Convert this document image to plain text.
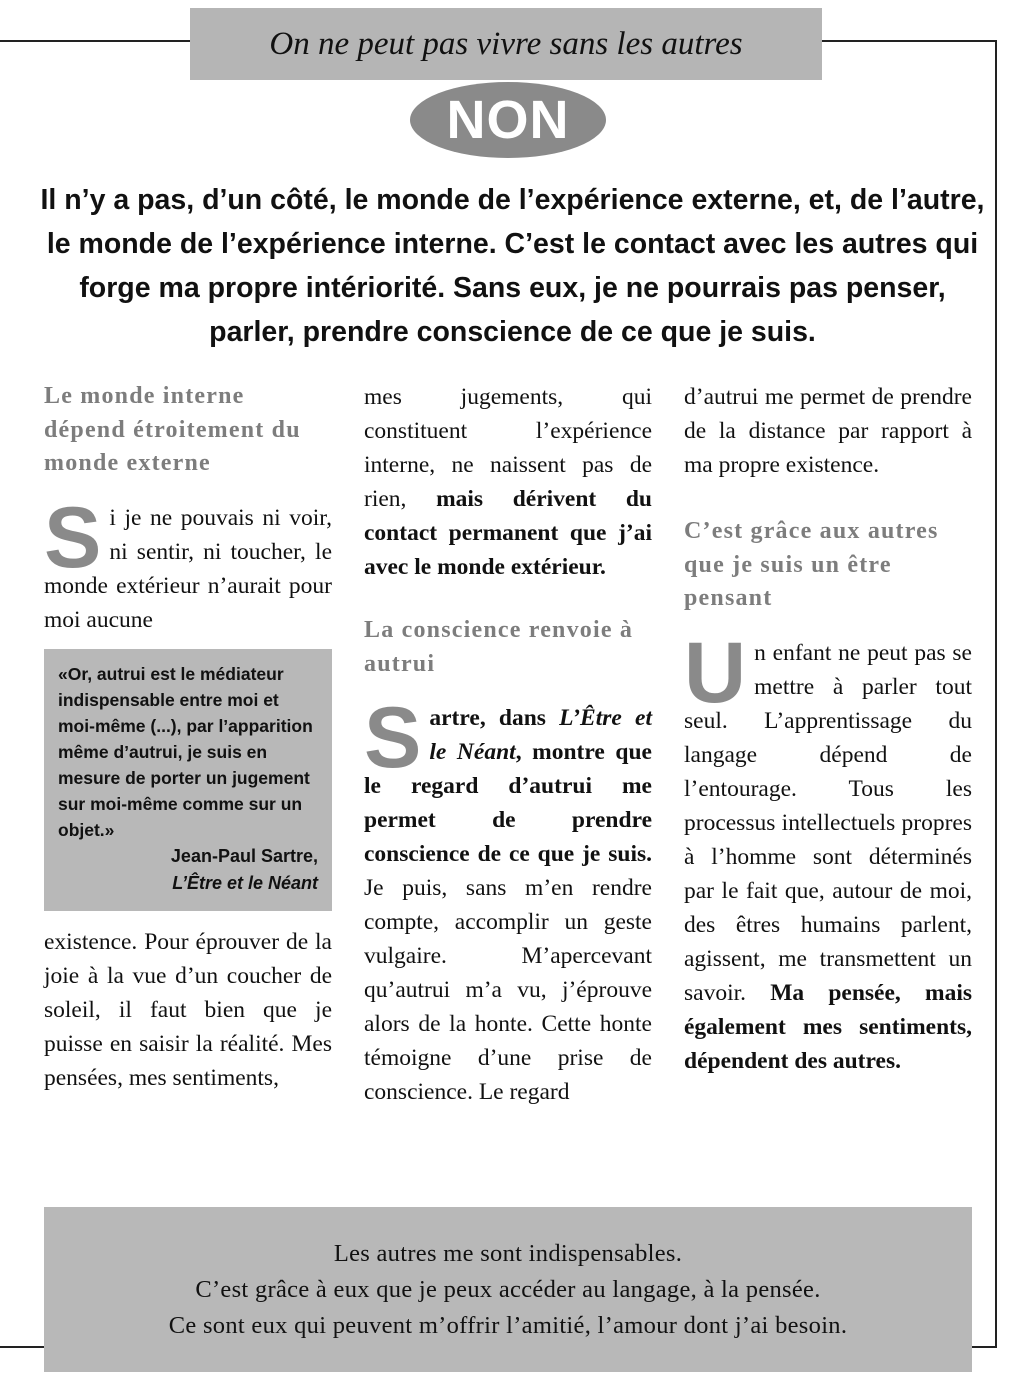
On ne peut pas vivre sans les autres
NON
Il n’y a pas, d’un côté, le monde de l’expérience externe, et, de l’autre, le monde de l’expérience interne. C’est le contact avec les autres qui forge ma propre intériorité. Sans eux, je ne pourrais pas penser, parler, prendre conscience de ce que je suis.
Le monde interne dépend étroitement du monde externe

Si je ne pouvais ni voir, ni sentir, ni toucher, le monde extérieur n’aurait pour moi aucune

«Or, autrui est le médiateur indispensable entre moi et moi-même (...), par l’apparition même d’autrui, je suis en mesure de porter un jugement sur moi-même comme sur un objet.»

Jean-Paul Sartre,

L’Être et le Néant

existence. Pour éprouver de la joie à la vue d’un coucher de soleil, il faut bien que je puisse en saisir la réalité. Mes pensées, mes sentiments,

mes jugements, qui constituent l’expérience interne, ne naissent pas de rien, mais dérivent du contact permanent que j’ai avec le monde extérieur.

La conscience renvoie à autrui

Sartre, dans L’Être et le Néant, montre que le regard d’autrui me permet de prendre conscience de ce que je suis. Je puis, sans m’en rendre compte, accomplir un geste vulgaire. M’apercevant qu’autrui m’a vu, j’éprouve alors de la honte. Cette honte témoigne d’une prise de conscience. Le regard

d’autrui me permet de prendre de la distance par rapport à ma propre existence.

C’est grâce aux autres que je suis un être pensant

Un enfant ne peut pas se mettre à parler tout seul. L’apprentissage du langage dépend de l’entourage. Tous les processus intellectuels propres à l’homme sont déterminés par le fait que, autour de moi, des êtres humains parlent, agissent, me transmettent un savoir. Ma pensée, mais également mes sentiments, dépendent des autres.

Les autres me sont indispensables.

C’est grâce à eux que je peux accéder au langage, à la pensée.

Ce sont eux qui peuvent m’offrir l’amitié, l’amour dont j’ai besoin.
